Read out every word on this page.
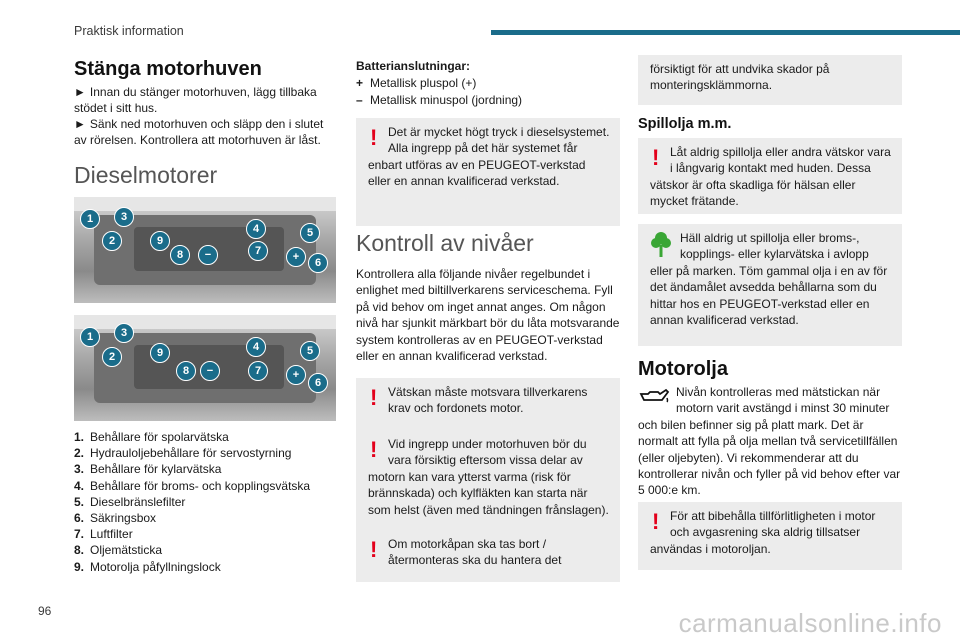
Praktisk information
Stänga motorhuven

► Innan du stänger motorhuven, lägg tillbaka stödet i sitt hus.

► Sänk ned motorhuven och släpp den i slutet av rörelsen. Kontrollera att motorhuven är låst.

Dieselmotorer
1
2
3
9
8	−
4
7
5
+	6
1
2
3
9
8	−
4
7
5
+
6
1. Behållare för spolarvätska
2. Hydrauloljebehållare för servostyrning
3. Behållare för kylarvätska
4. Behållare för broms- och kopplingsvätska
5. Dieselbränslefilter
6. Säkringsbox
7. Luftfilter
8. Oljemätsticka
9. Motorolja påfyllningslock
Batterianslutningar:
+ Metallisk pluspol (+)
– Metallisk minuspol (jordning)
! Det är mycket högt tryck i dieselsystemet. Alla ingrepp på det här systemet får enbart utföras av en PEUGEOT-verkstad eller en annan kvalificerad verkstad.
Kontroll av nivåer

Kontrollera alla följande nivåer regelbundet i enlighet med biltillverkarens serviceschema. Fyll på vid behov om inget annat anges. Om någon nivå har sjunkit märkbart bör du låta motsvarande system kontrolleras av en PEUGEOT-verkstad eller en annan kvalificerad verkstad.

! Vätskan måste motsvara tillverkarens krav och fordonets motor.
! Vid ingrepp under motorhuven bör du vara försiktig eftersom vissa delar av motorn kan vara ytterst varma (risk för brännskada) och kylfläkten kan starta när som helst (även med tändningen frånslagen).
! Om motorkåpan ska tas bort / återmonteras ska du hantera det
försiktigt för att undvika skador på monteringsklämmorna.
Spillolja m.m.
! Låt aldrig spillolja eller andra vätskor vara i långvarig kontakt med huden. Dessa vätskor är ofta skadliga för hälsan eller mycket frätande.
Häll aldrig ut spillolja eller broms-, kopplings- eller kylarvätska i avlopp eller på marken. Töm gammal olja i en av för det ändamålet avsedda behållarna som du hittar hos en PEUGEOT-verkstad eller en annan kvalificerad verkstad.
Motorolja
Nivån kontrolleras med mätstickan när motorn varit avstängd i minst 30 minuter och bilen befinner sig på platt mark. Det är normalt att fylla på olja mellan två servicetillfällen (eller oljebyten). Vi rekommenderar att du kontrollerar nivån och fyller på vid behov efter var 5 000:e km.
! För att bibehålla tillförlitligheten i motor och avgasrening ska aldrig tillsatser användas i motoroljan.
96	carmanualsonline.info
